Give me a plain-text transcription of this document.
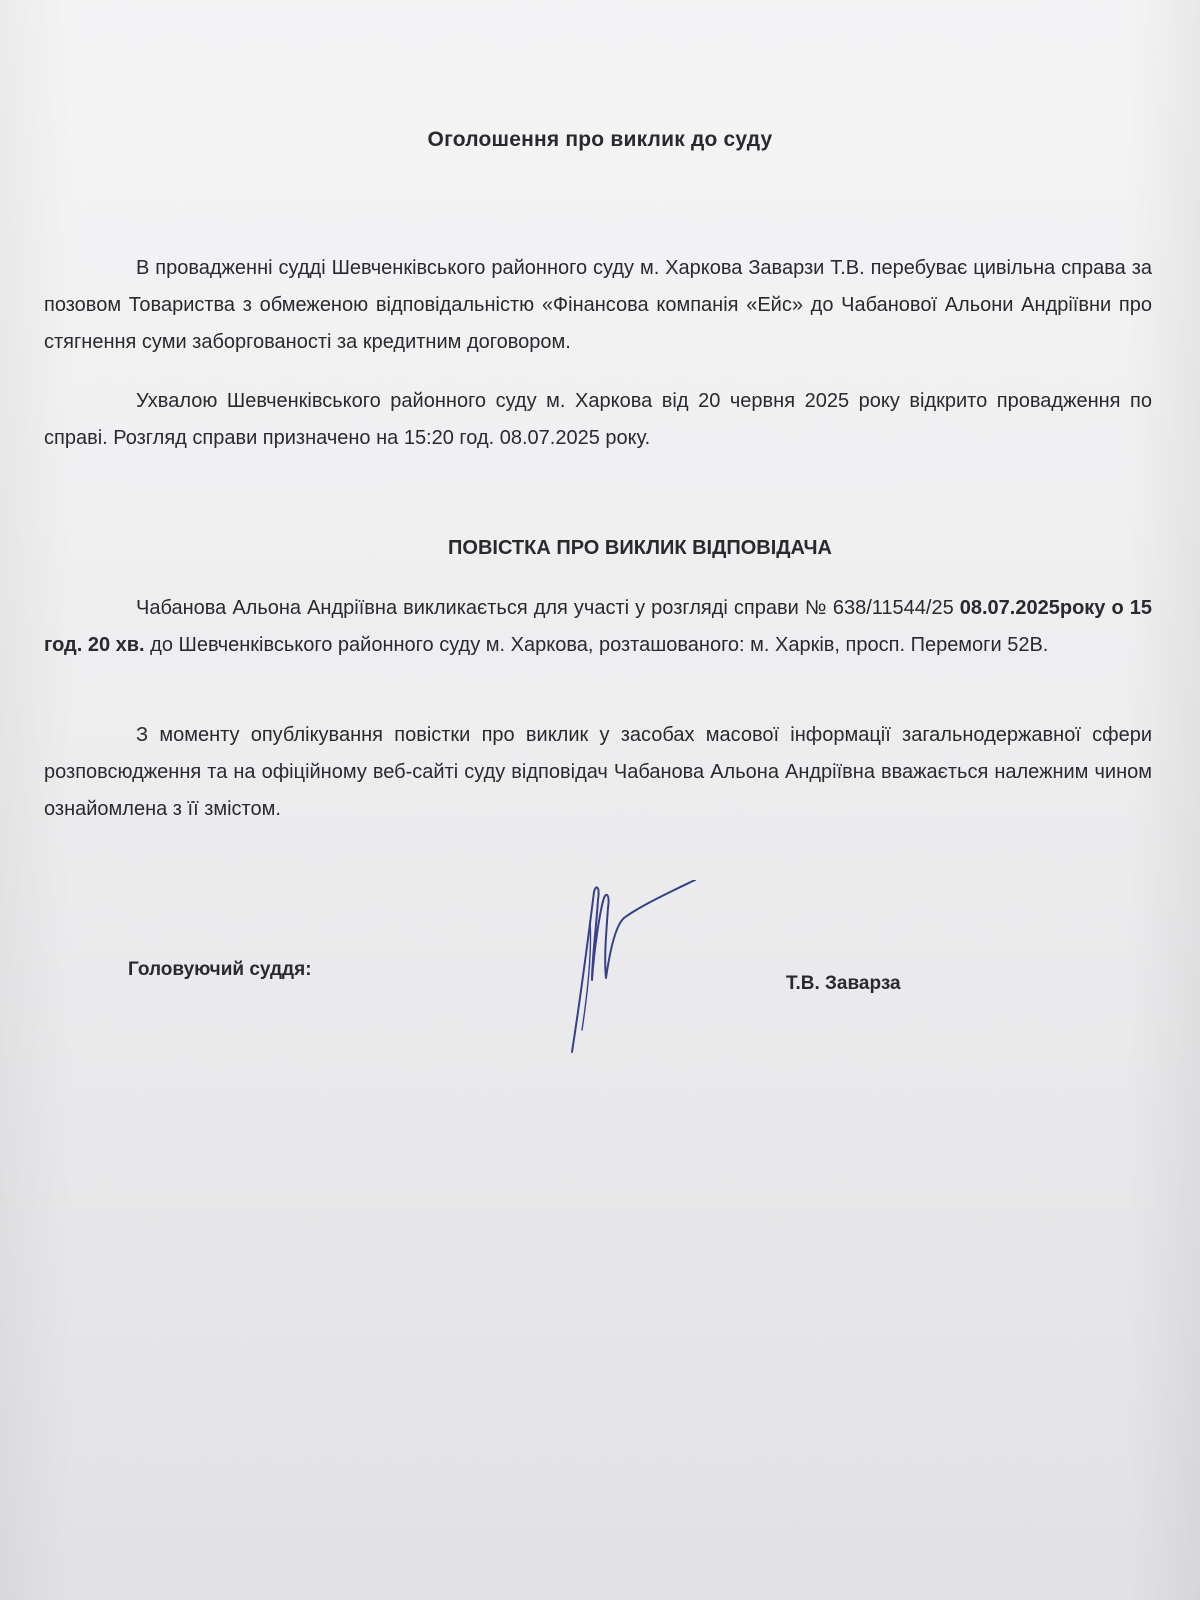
Оголошення про виклик до суду

В провадженні судді Шевченківського районного суду м. Харкова Заварзи Т.В. перебуває цивільна справа за позовом Товариства з обмеженою відповідальністю «Фінансова компанія «Ейс» до Чабанової Альони Андріївни про стягнення суми заборгованості за кредитним договором.

Ухвалою Шевченківського районного суду м. Харкова від 20 червня 2025 року відкрито провадження по справі. Розгляд справи призначено на 15:20 год. 08.07.2025 року.

ПОВІСТКА ПРО ВИКЛИК ВІДПОВІДАЧА

Чабанова Альона Андріївна викликається для участі у розгляді справи № 638/11544/25 08.07.2025року о 15 год. 20 хв. до Шевченківського районного суду м. Харкова, розташованого: м. Харків, просп. Перемоги 52В.

З моменту опублікування повістки про виклик у засобах масової інформації загальнодержавної сфери розповсюдження та на офіційному веб-сайті суду відповідач Чабанова Альона Андріївна вважається належним чином ознайомлена з її змістом.

Головуючий суддя:
Т.В. Заварза
